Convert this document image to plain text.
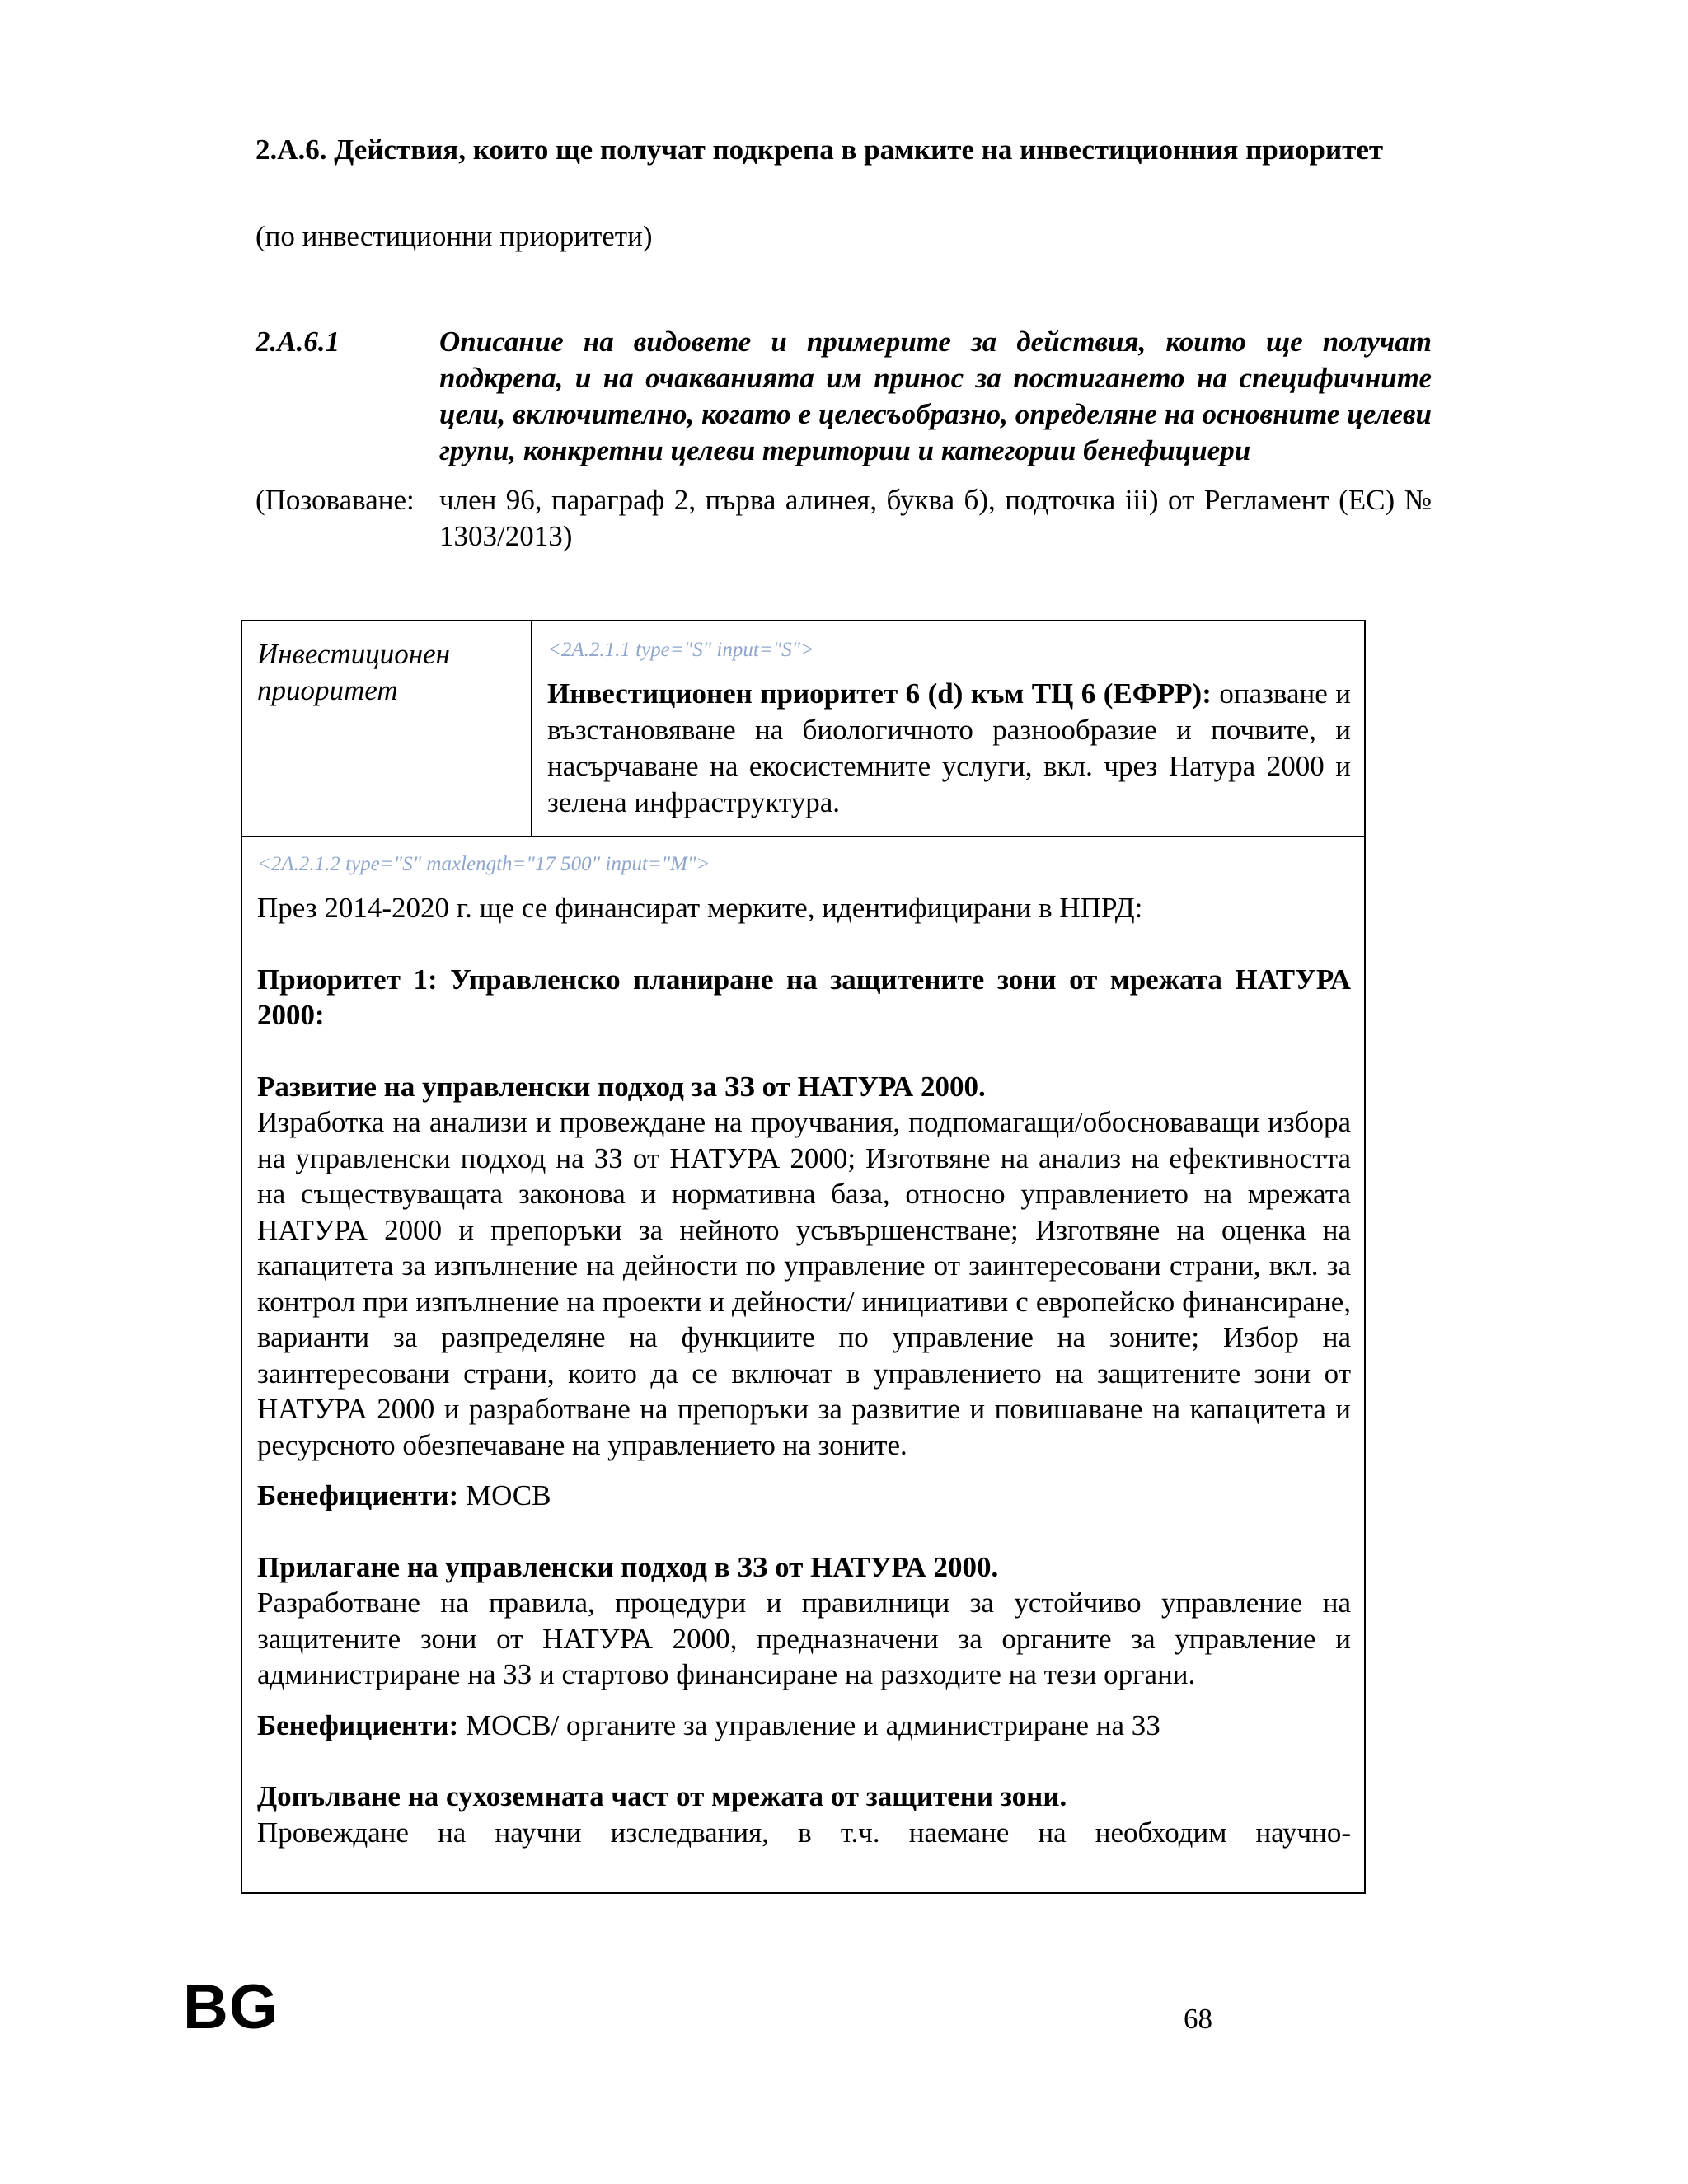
2.A.6. Действия, които ще получат подкрепа в рамките на инвестиционния приоритет
(по инвестиционни приоритети)
2.A.6.1	Описание на видовете и примерите за действия, които ще получат подкрепа, и на очакванията им принос за постигането на специфичните цели, включително, когато е целесъобразно, определяне на основните целеви групи, конкретни целеви територии и категории бенефициери
(Позоваване: член 96, параграф 2, първа алинея, буква б), подточка iii) от Регламент (ЕС) № 1303/2013)
Инвестиционен приоритет
<2A.2.1.1 type="S" input="S">
Инвестиционен приоритет 6 (d) към ТЦ 6 (ЕФРР): опазване и възстановяване на биологичното разнообразие и почвите, и насърчаване на екосистемните услуги, вкл. чрез Натура 2000 и зелена инфраструктура.
<2A.2.1.2 type="S" maxlength="17 500" input="M">

През 2014-2020 г. ще се финансират мерките, идентифицирани в НПРД:

Приоритет 1: Управленско планиране на защитените зони от мрежата НАТУРА 2000:

Развитие на управленски подход за ЗЗ от НАТУРА 2000.

Изработка на анализи и провеждане на проучвания, подпомагащи/обосноваващи избора на управленски подход на ЗЗ от НАТУРА 2000; Изготвяне на анализ на ефективността на съществуващата законова и нормативна база, относно управлението на мрежата НАТУРА 2000 и препоръки за нейното усъвършенстване; Изготвяне на оценка на капацитета за изпълнение на дейности по управление от заинтересовани страни, вкл. за контрол при изпълнение на проекти и дейности/ инициативи с европейско финансиране, варианти за разпределяне на функциите по управление на зоните; Избор на заинтересовани страни, които да се включат в управлението на защитените зони от НАТУРА 2000 и разработване на препоръки за развитие и повишаване на капацитета и ресурсното обезпечаване на управлението на зоните.

Бенефициенти: МОСВ

Прилагане на управленски подход в ЗЗ от НАТУРА 2000.

Разработване на правила, процедури и правилници за устойчиво управление на защитените зони от НАТУРА 2000, предназначени за органите за управление и администриране на ЗЗ и стартово финансиране на разходите на тези органи.

Бенефициенти: МОСВ/ органите за управление и администриране на ЗЗ

Допълване на сухоземната част от мрежата от защитени зони.

Провеждане на научни изследвания, в т.ч. наемане на необходим научно-

BG	68
